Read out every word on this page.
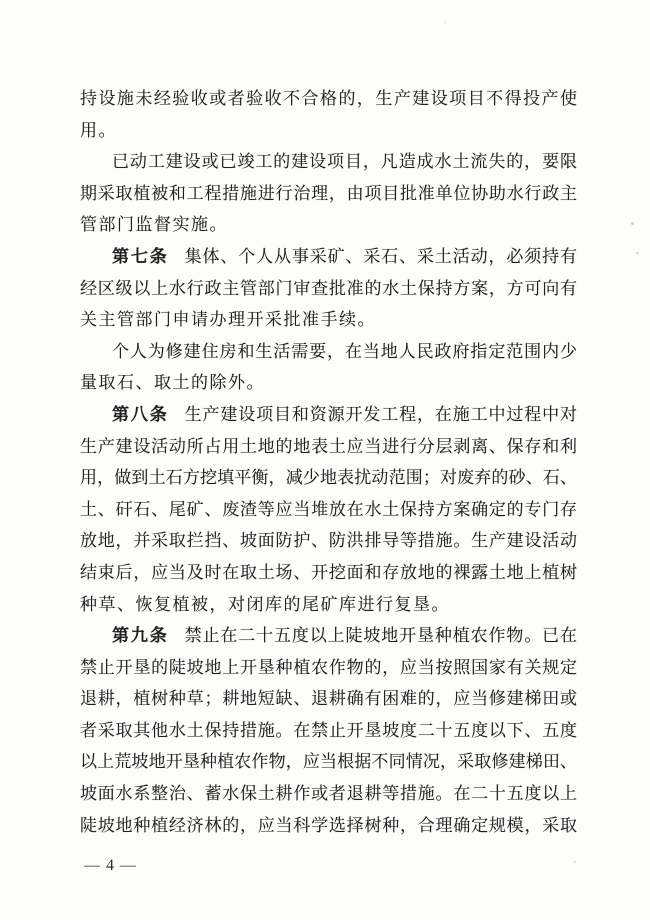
持设施未经验收或者验收不合格的，生产建设项目不得投产使
用。
已动工建设或已竣工的建设项目，凡造成水土流失的，要限
期采取植被和工程措施进行治理，由项目批准单位协助水行政主
管部门监督实施。
第七条 集体、个人从事采矿、采石、采土活动，必须持有
经区级以上水行政主管部门审查批准的水土保持方案，方可向有
关主管部门申请办理开采批准手续。
个人为修建住房和生活需要，在当地人民政府指定范围内少
量取石、取土的除外。
第八条 生产建设项目和资源开发工程，在施工中过程中对
生产建设活动所占用土地的地表土应当进行分层剥离、保存和利
用，做到土石方挖填平衡，减少地表扰动范围；对废弃的砂、石、
土、矸石、尾矿、废渣等应当堆放在水土保持方案确定的专门存
放地，并采取拦挡、坡面防护、防洪排导等措施。生产建设活动
结束后，应当及时在取土场、开挖面和存放地的裸露土地上植树
种草、恢复植被，对闭库的尾矿库进行复垦。
第九条 禁止在二十五度以上陡坡地开垦种植农作物。已在
禁止开垦的陡坡地上开垦种植农作物的，应当按照国家有关规定
退耕，植树种草；耕地短缺、退耕确有困难的，应当修建梯田或
者采取其他水土保持措施。在禁止开垦坡度二十五度以下、五度
以上荒坡地开垦种植农作物，应当根据不同情况，采取修建梯田、
坡面水系整治、蓄水保土耕作或者退耕等措施。在二十五度以上
陡坡地种植经济林的，应当科学选择树种，合理确定规模，采取
— 4 —
